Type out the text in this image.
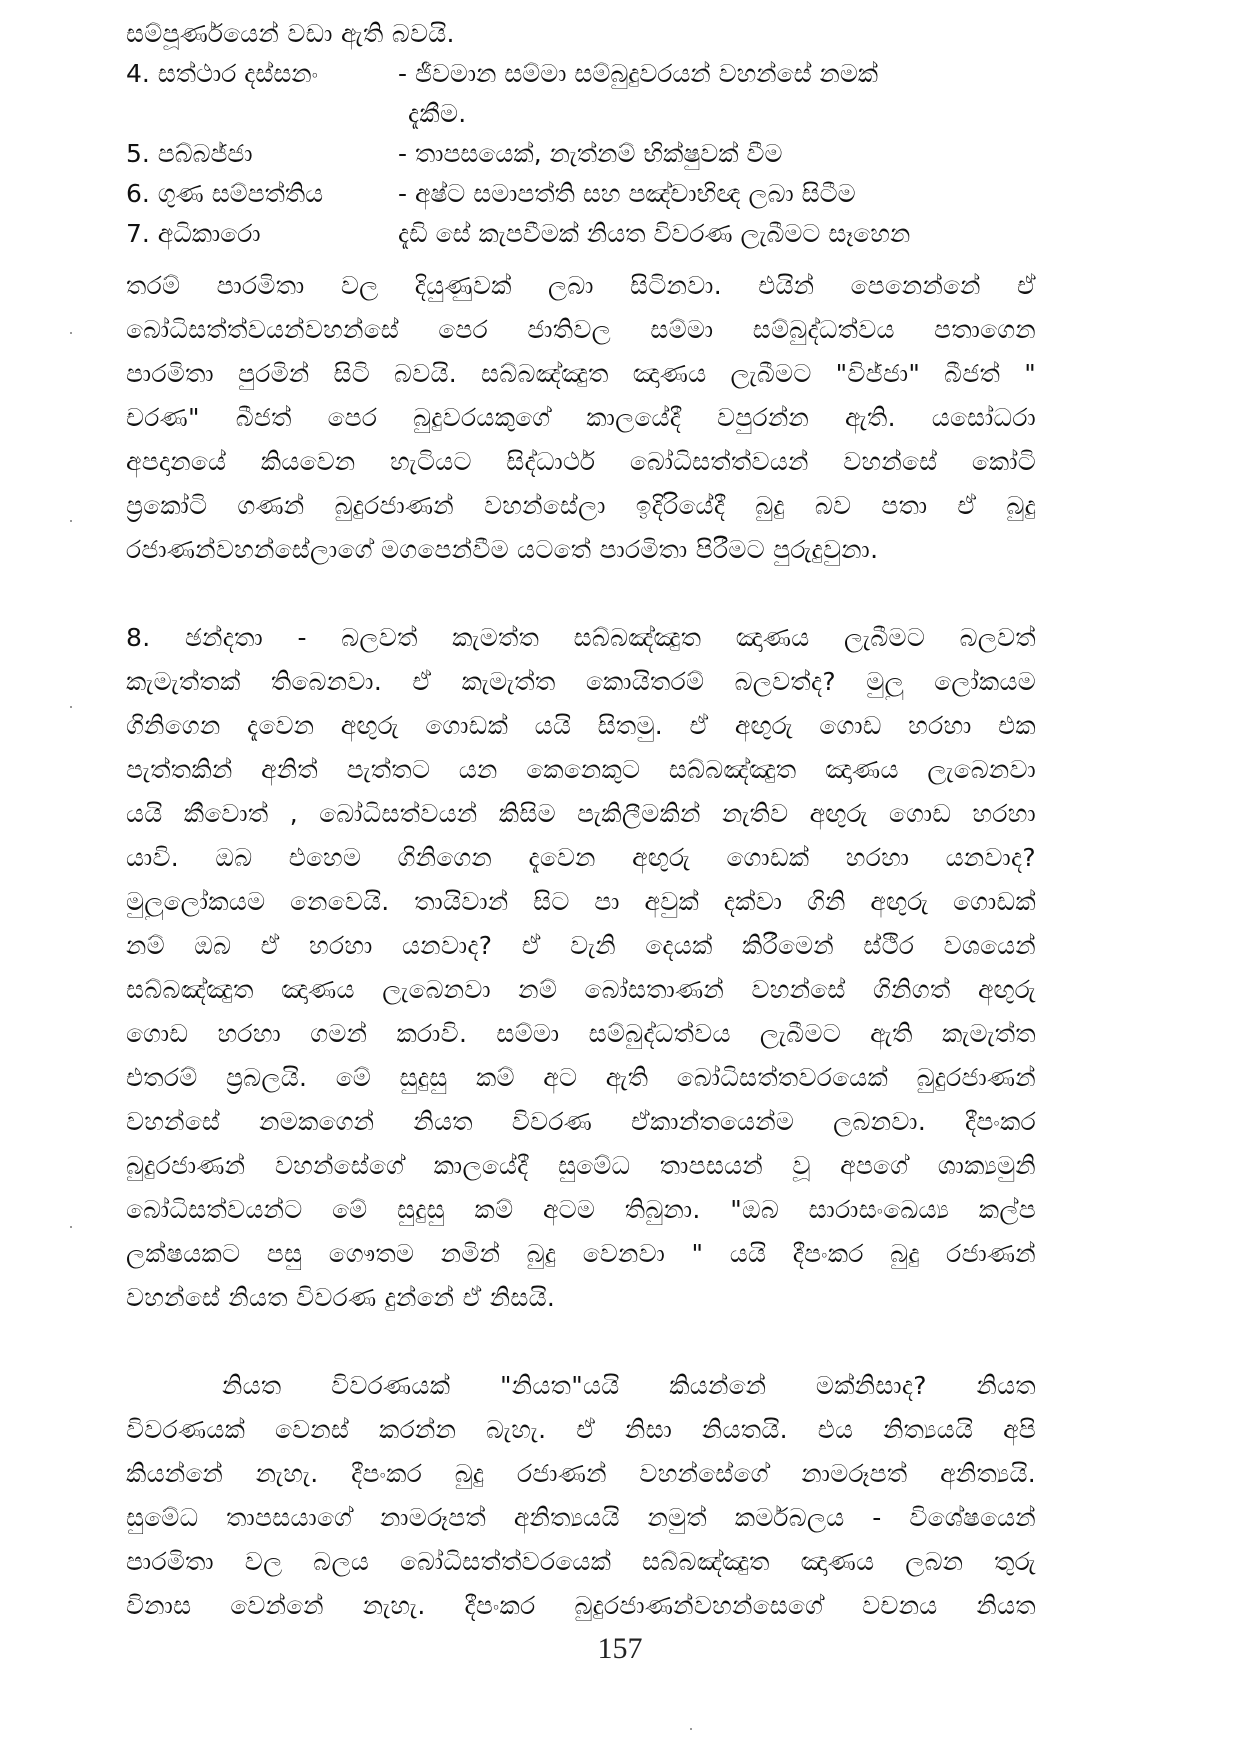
සම්පූර්ණයෙන් වඩා ඇති බවයි.
4. සත්ථාර දස්සනං	- ජීවමාන සම්මා සම්බුදුවරයන් වහන්සේ නමක්
දැකීම.
5. පබ්බජ්ජා	- තාපසයෙක්, නැත්නම් භික්ෂුවක් වීම
6. ගුණ සම්පත්තිය	- අෂ්ට සමාපත්ති සහ පඤ්චාභිඥ ලබා සිටීම
7. අධිකාරො	දැඩි සේ කැපවීමක් නියත විවරණ ලැබීමට සෑහෙන
තරම් පාරමිතා වල දියුණුවක් ලබා සිටිනවා. එයින් පෙනෙන්නේ ඒ
බෝධිසත්ත්වයන්වහන්සේ පෙර ජාතිවල සම්මා සම්බුද්ධත්වය පතාගෙන
පාරමිතා පුරමින් සිටි බවයි. සබ්බඤ්ඤුත ඤාණය ලැබීමට "විජ්ජා" බීජත් "
චරණ" බීජත් පෙර බුදුවරයකුගේ කාලයේදී වපුරන්න ඇති. යසෝධරා
අපදානයේ කියවෙන හැටියට සිද්ධාර්ථ බෝධිසත්ත්වයන් වහන්සේ කෝටි
ප්‍රකෝටි ගණන් බුදුරජාණන් වහන්සේලා ඉදිරියේදී බුදු බව පතා ඒ බුදු
රජාණන්වහන්සේලාගේ මගපෙන්වීම යටතේ පාරමිතා පිරීමට පුරුදුවුනා.
8. ඡන්දතා - බලවත් කැමත්ත සබ්බඤ්ඤුත ඤාණය ලැබීමට බලවත්
කැමැත්තක් තිබෙනවා. ඒ කැමැත්ත කොයිතරම් බලවත්ද? මුලු ලෝකයම
ගිනිගෙන දැවෙන අඟුරු ගොඩක් යයි සිතමු. ඒ අඟුරු ගොඩ හරහා එක
පැත්තකින් අනිත් පැත්තට යන කෙනෙකුට සබ්බඤ්ඤුත ඤාණය ලැබෙනවා
යයි කීවොත් , බෝධිසත්වයන් කිසිම පැකිලීමකින් නැතිව අඟුරු ගොඩ හරහා
යාවි. ඔබ එහෙම ගිනිගෙන දැවෙන අඟුරු ගොඩක් හරහා යනවාද?
මුලුලෝකයම නෙවෙයි. තායිවාන් සිට පා අවුක් දක්වා ගිනි අඟුරු ගොඩක්
නම් ඔබ ඒ හරහා යනවාද? ඒ වැනි දෙයක් කිරීමෙන් ස්ථිර වශයෙන්
සබ්බඤ්ඤුත ඤාණය ලැබෙනවා නම් බෝසතාණන් වහන්සේ ගිනිගත් අඟුරු
ගොඩ හරහා ගමන් කරාවි. සම්මා සම්බුද්ධත්වය ලැබීමට ඇති කැමැත්ත
එතරම් ප්‍රබලයි. මේ සුදුසු කම් අට ඇති බෝධිසත්තවරයෙක් බුදුරජාණන්
වහන්සේ නමකගෙන් නියත විවරණ ඒකාන්තයෙන්ම ලබනවා. දීපංකර
බුදුරජාණන් වහන්සේගේ කාලයේදී සුමේධ තාපසයන් වූ අපගේ ශාක්‍යමුනි
බෝධිසත්වයන්ට මේ සුදුසු කම් අටම තිබුනා. "ඔබ සාරාසංඛෙය්‍ය කල්ප
ලක්ෂයකට පසු ගෞතම නමින් බුදු වෙනවා " යයි දීපංකර බුදු රජාණන්
වහන්සේ නියත විවරණ දුන්නේ ඒ නිසයි.
නියත විවරණයක් "නියත"යයි කියන්නේ මක්නිසාද? නියත
විවරණයක් වෙනස් කරන්න බැහැ. ඒ නිසා නියතයි. එය නිත්‍යයයි අපි
කියන්නේ නැහැ. දීපංකර බුදු රජාණන් වහන්සේගේ නාමරූපත් අනිත්‍යයි.
සුමේධ තාපසයාගේ නාමරූපත් අනිත්‍යයයි නමුත් කර්මබලය - විශේෂයෙන්
පාරමිතා වල බලය බෝධිසත්ත්වරයෙක් සබ්බඤ්ඤුත ඤාණය ලබන තුරු
විනාස වෙන්නේ නැහැ. දීපංකර බුදුරජාණන්වහන්සෙගේ වචනය නියත
157
